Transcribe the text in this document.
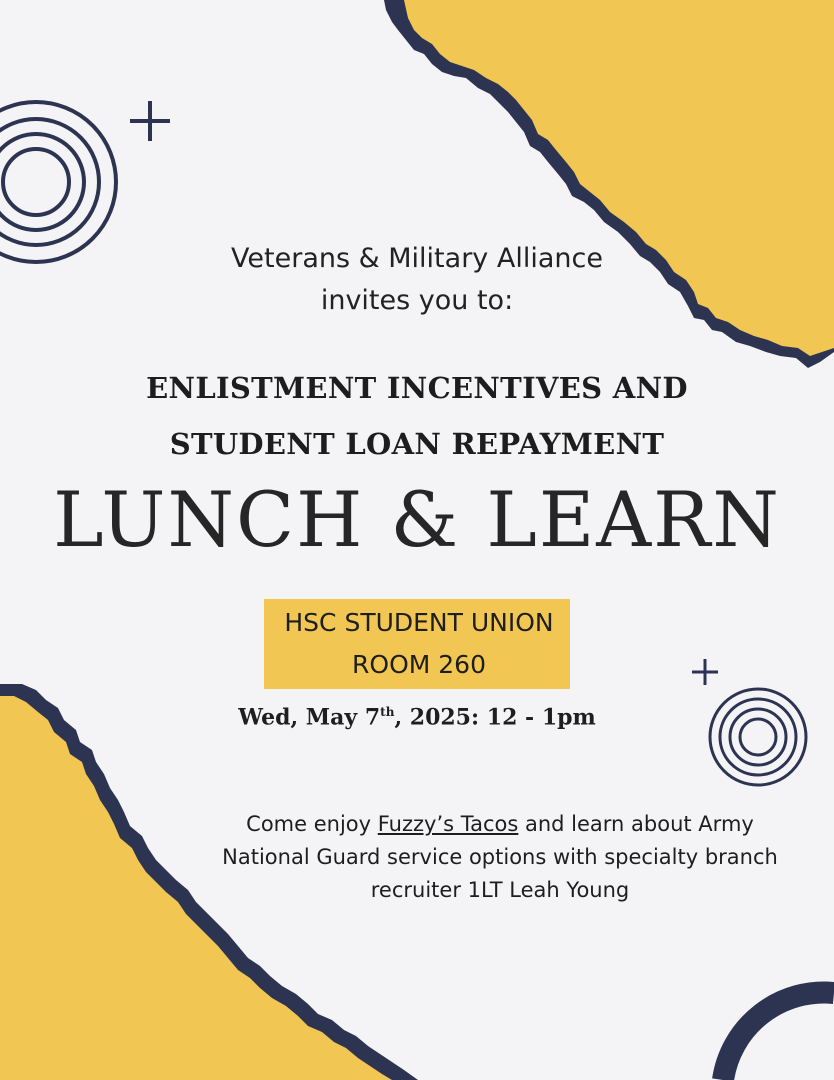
Veterans & Military Alliance
invites you to:
ENLISTMENT INCENTIVES AND
STUDENT LOAN REPAYMENT
LUNCH & LEARN
HSC STUDENT UNION
ROOM 260
Wed, May 7th, 2025: 12 - 1pm
Come enjoy Fuzzy’s Tacos and learn about Army
National Guard service options with specialty branch
recruiter 1LT Leah Young
